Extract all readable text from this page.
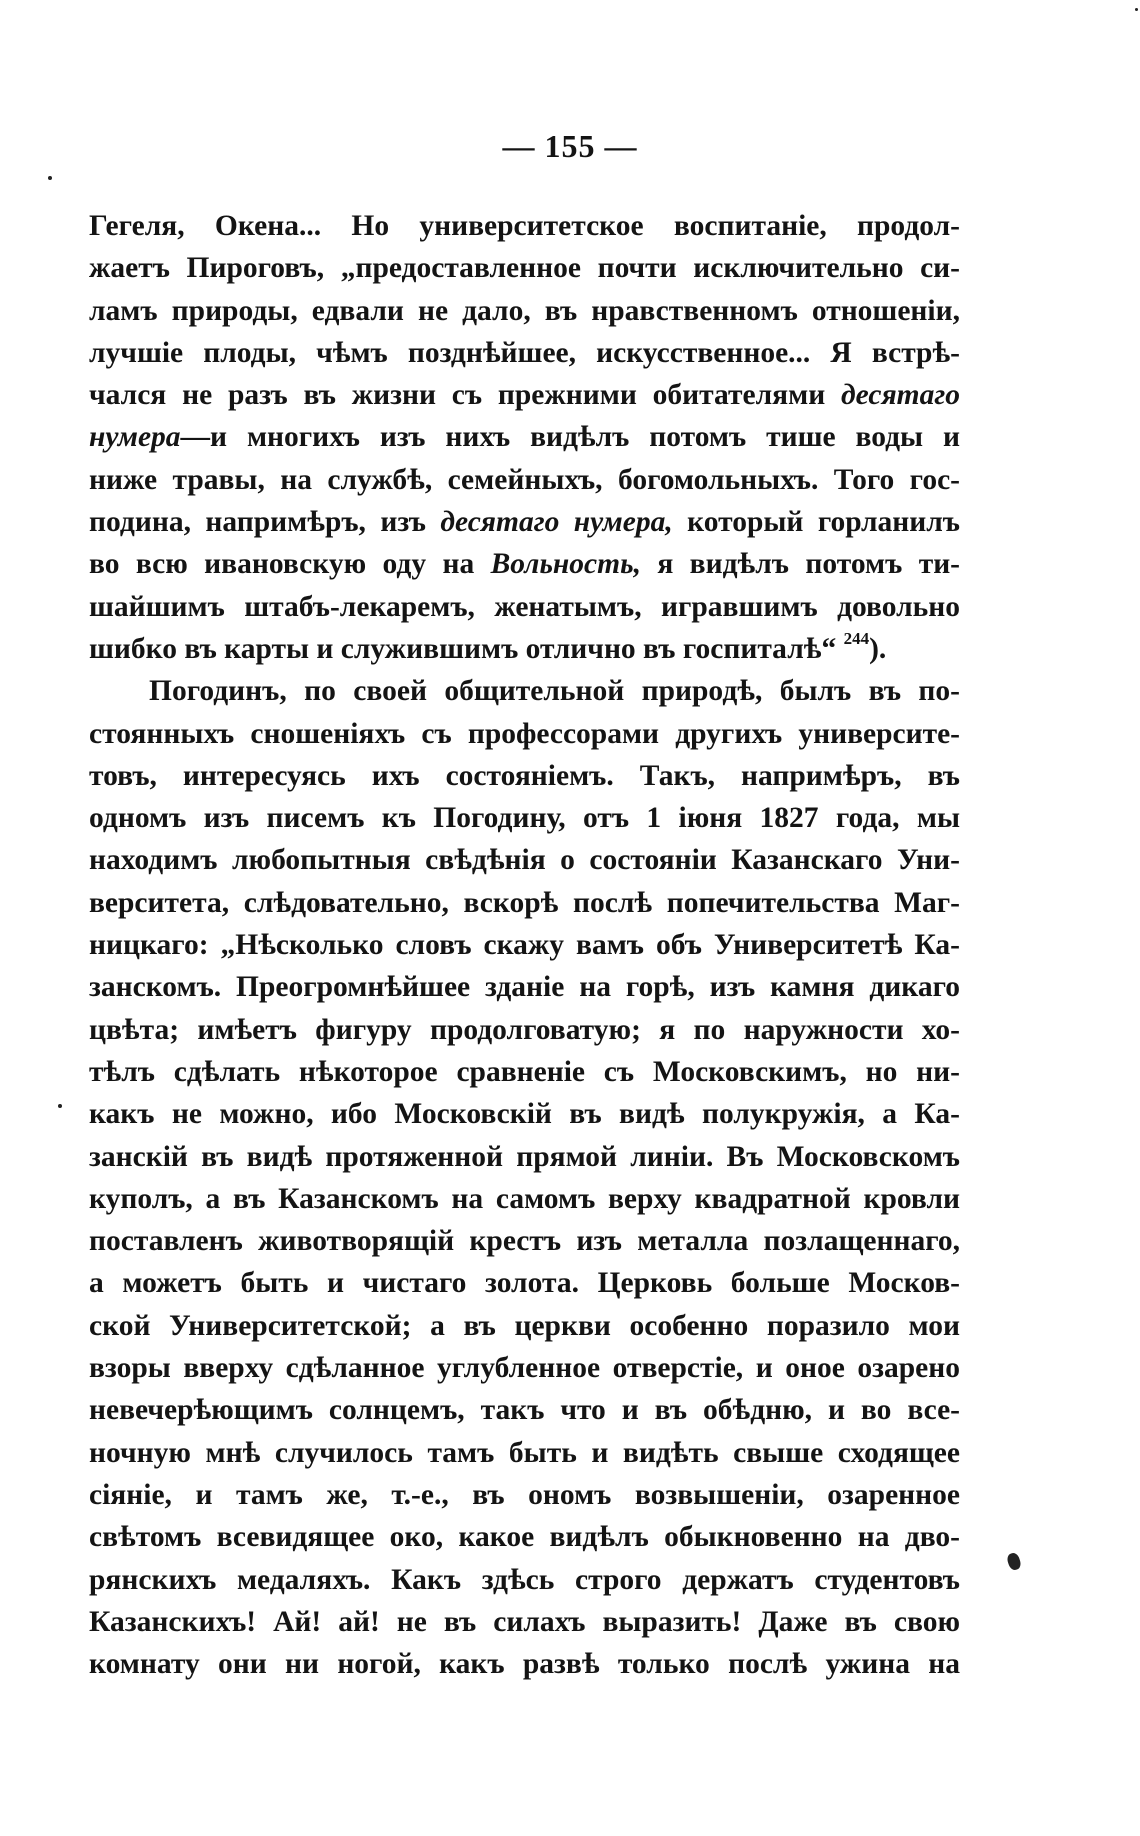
— 155 —
Гегеля, Окена... Но университетское воспитаніе, продол-
жаетъ Пироговъ, „предоставленное почти исключительно си-
ламъ природы, едвали не дало, въ нравственномъ отношеніи,
лучшіе плоды, чѣмъ позднѣйшее, искусственное... Я встрѣ-
чался не разъ въ жизни съ прежними обитателями десятаго
нумера—и многихъ изъ нихъ видѣлъ потомъ тише воды и
ниже травы, на службѣ, семейныхъ, богомольныхъ. Того гос-
подина, напримѣръ, изъ десятаго нумера, который горланилъ
во всю ивановскую оду на Вольность, я видѣлъ потомъ ти-
шайшимъ штабъ-лекаремъ, женатымъ, игравшимъ довольно
шибко въ карты и служившимъ отлично въ госпиталѣ“ $^{244}$).
Погодинъ, по своей общительной природѣ, былъ въ по-
стоянныхъ сношеніяхъ съ профессорами другихъ университе-
товъ, интересуясь ихъ состояніемъ. Такъ, напримѣръ, въ
одномъ изъ писемъ къ Погодину, отъ 1 іюня 1827 года, мы
находимъ любопытныя свѣдѣнія о состояніи Казанскаго Уни-
верситета, слѣдовательно, вскорѣ послѣ попечительства Маг-
ницкаго: „Нѣсколько словъ скажу вамъ объ Университетѣ Ка-
занскомъ. Преогромнѣйшее зданіе на горѣ, изъ камня дикаго
цвѣта; имѣетъ фигуру продолговатую; я по наружности хо-
тѣлъ сдѣлать нѣкоторое сравненіе съ Московскимъ, но ни-
какъ не можно, ибо Московскій въ видѣ полукружія, а Ка-
занскій въ видѣ протяженной прямой линіи. Въ Московскомъ
куполъ, а въ Казанскомъ на самомъ верху квадратной кровли
поставленъ животворящій крестъ изъ металла позлащеннаго,
а можетъ быть и чистаго золота. Церковь больше Москов-
ской Университетской; а въ церкви особенно поразило мои
взоры вверху сдѣланное углубленное отверстіе, и оное озарено
невечерѣющимъ солнцемъ, такъ что и въ обѣдню, и во все-
ночную мнѣ случилось тамъ быть и видѣть свыше сходящее
сіяніе, и тамъ же, т.-е., въ ономъ возвышеніи, озаренное
свѣтомъ всевидящее око, какое видѣлъ обыкновенно на дво-
рянскихъ медаляхъ. Какъ здѣсь строго держатъ студентовъ
Казанскихъ! Ай! ай! не въ силахъ выразить! Даже въ свою
комнату они ни ногой, какъ развѣ только послѣ ужина на
